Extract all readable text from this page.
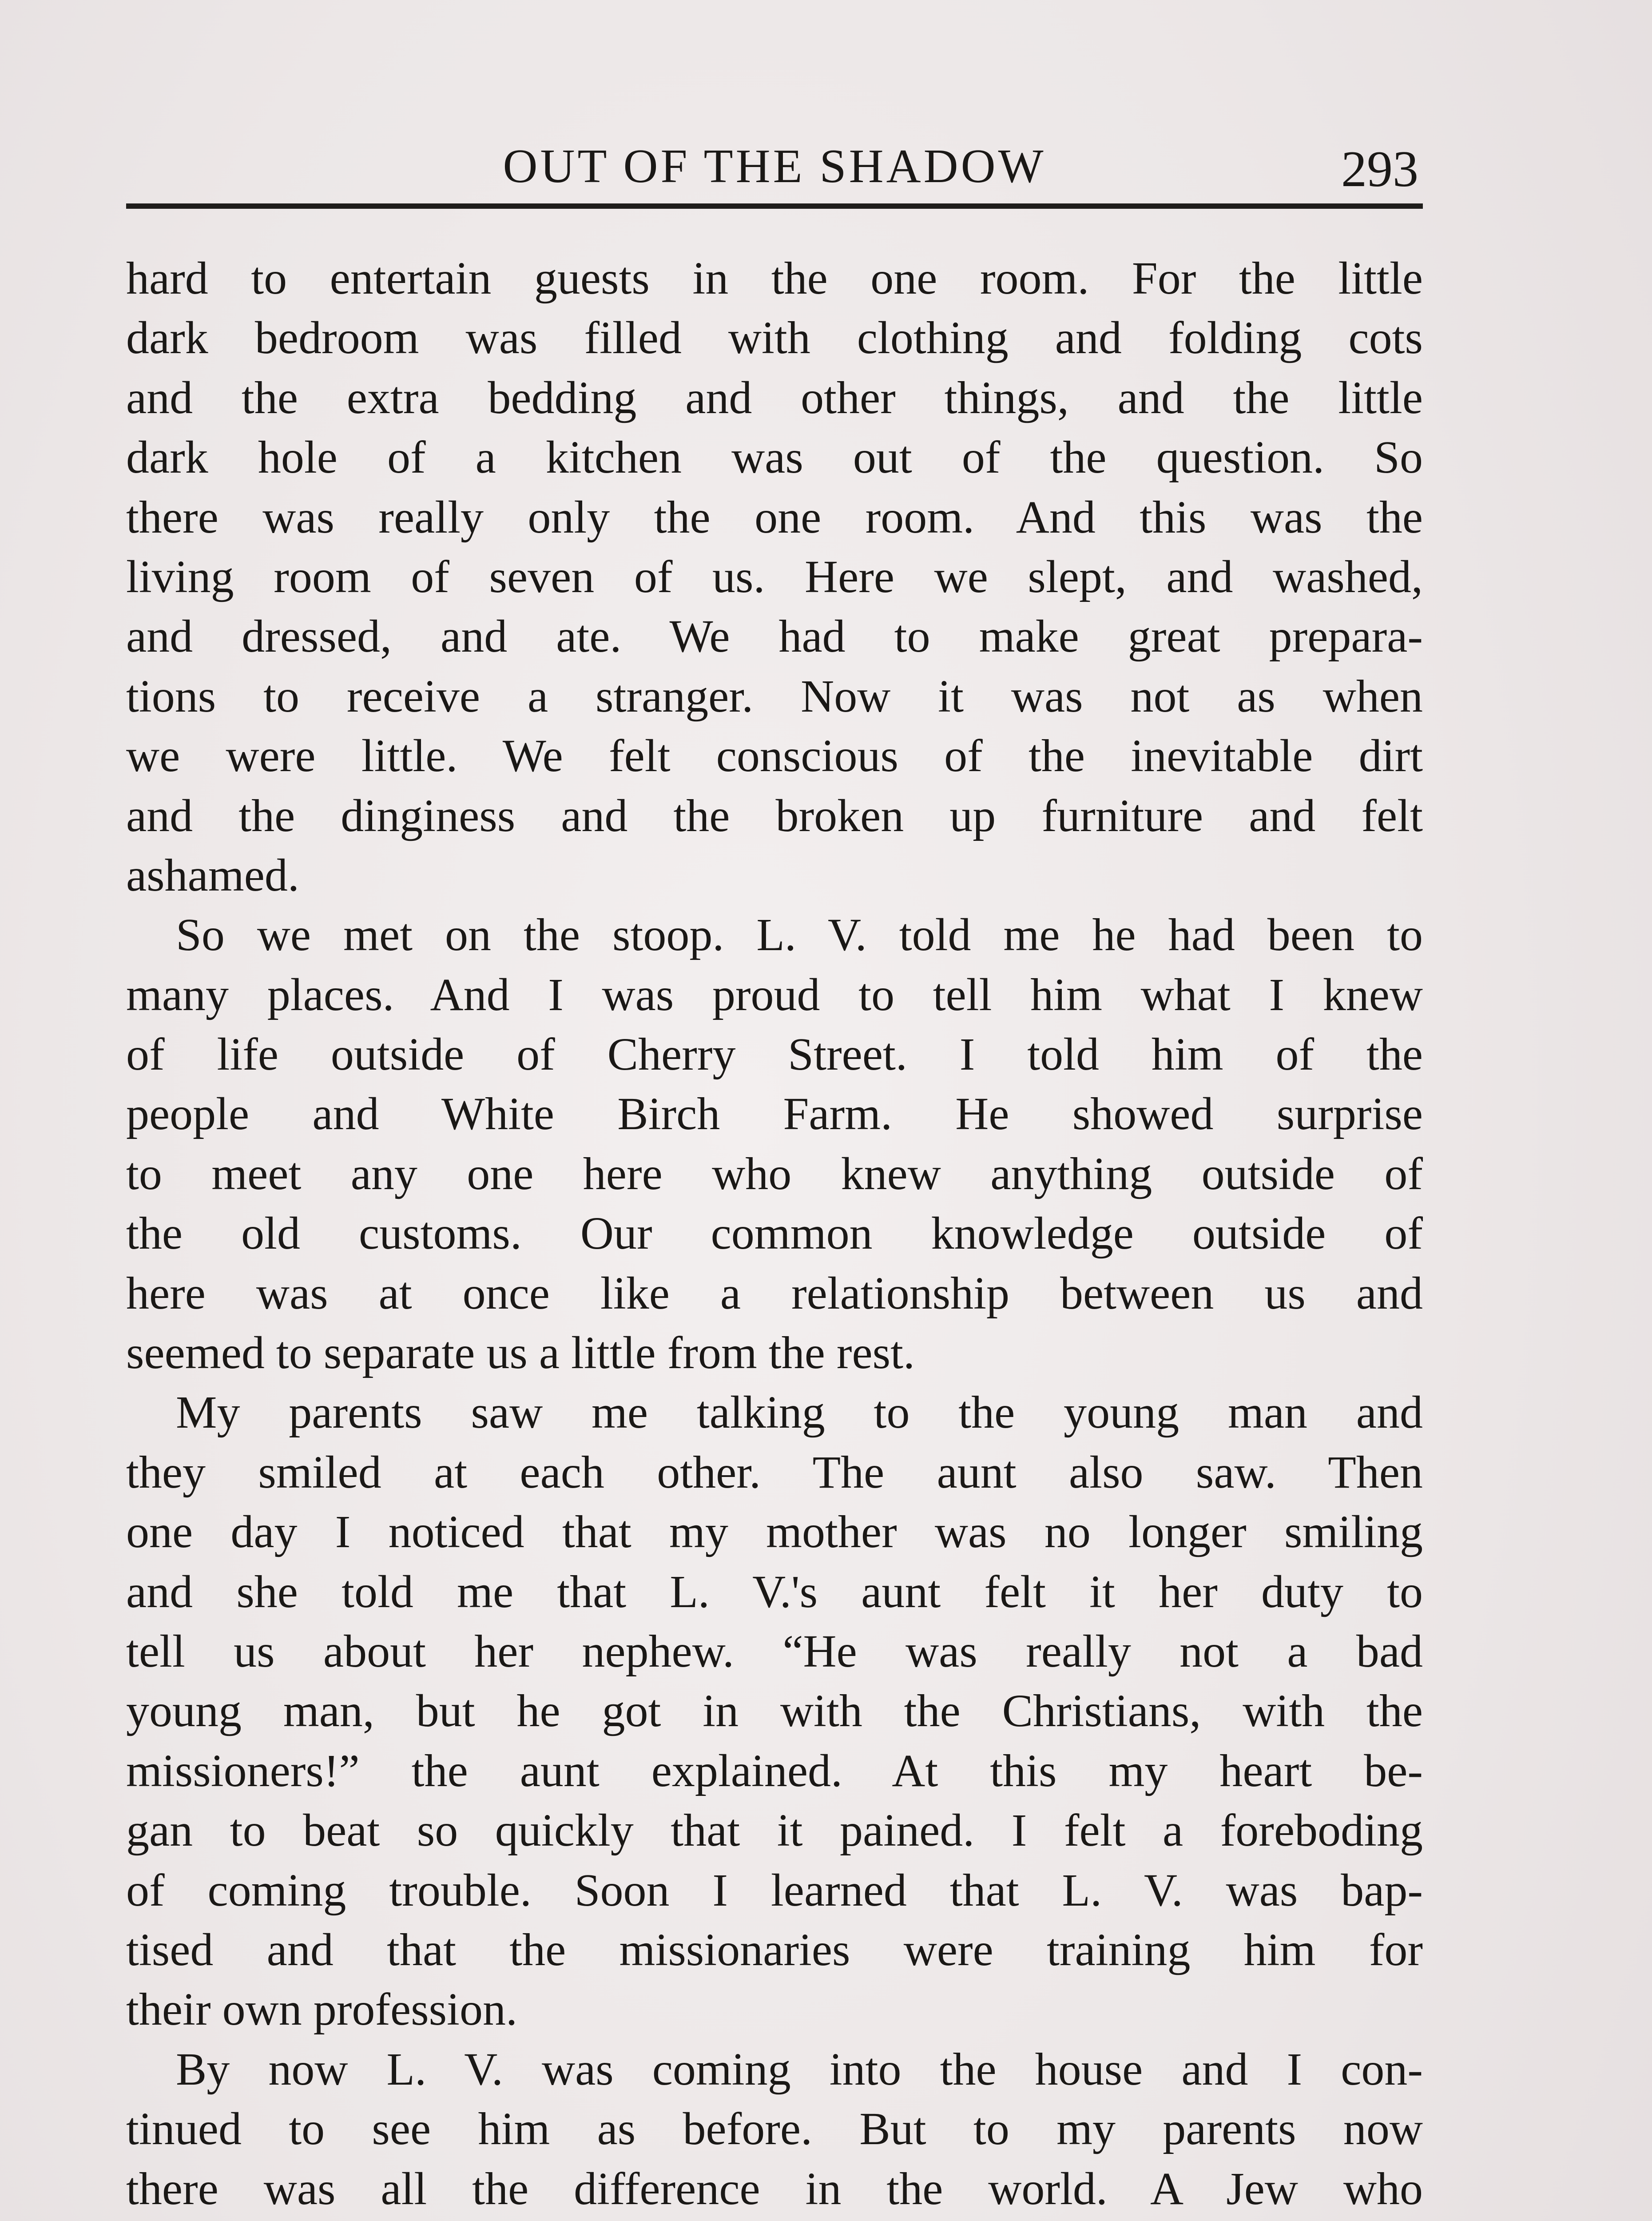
OUT OF THE SHADOW	293
hard to entertain guests in the one room. For the little
dark bedroom was filled with clothing and folding cots
and the extra bedding and other things, and the little
dark hole of a kitchen was out of the question. So
there was really only the one room. And this was the
living room of seven of us. Here we slept, and washed,
and dressed, and ate. We had to make great prepara-
tions to receive a stranger. Now it was not as when
we were little. We felt conscious of the inevitable dirt
and the dinginess and the broken up furniture and felt
ashamed.
So we met on the stoop. L. V. told me he had been to
many places. And I was proud to tell him what I knew
of life outside of Cherry Street. I told him of the
people and White Birch Farm. He showed surprise
to meet any one here who knew anything outside of
the old customs. Our common knowledge outside of
here was at once like a relationship between us and
seemed to separate us a little from the rest.
My parents saw me talking to the young man and
they smiled at each other. The aunt also saw. Then
one day I noticed that my mother was no longer smiling
and she told me that L. V.'s aunt felt it her duty to
tell us about her nephew. “He was really not a bad
young man, but he got in with the Christians, with the
missioners!” the aunt explained. At this my heart be-
gan to beat so quickly that it pained. I felt a foreboding
of coming trouble. Soon I learned that L. V. was bap-
tised and that the missionaries were training him for
their own profession.
By now L. V. was coming into the house and I con-
tinued to see him as before. But to my parents now
there was all the difference in the world. A Jew who
